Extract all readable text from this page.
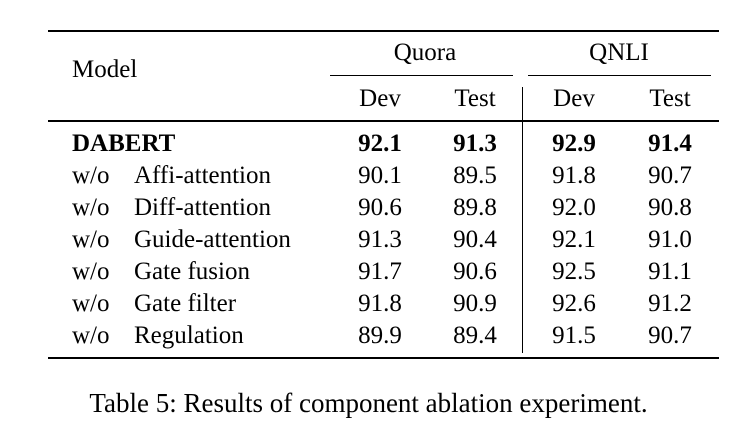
Model
Quora	QNLI
Dev	Test	Dev	Test
DABERT	92.1	91.3	92.9	91.4
w/o Affi-attention	90.1	89.5	91.8	90.7
w/o Diff-attention	90.6	89.8	92.0	90.8
w/o Guide-attention	91.3	90.4	92.1	91.0
w/o Gate fusion	91.7	90.6	92.5	91.1
w/o Gate filter	91.8	90.9	92.6	91.2
w/o Regulation	89.9	89.4	91.5	90.7
Table 5: Results of component ablation experiment.
